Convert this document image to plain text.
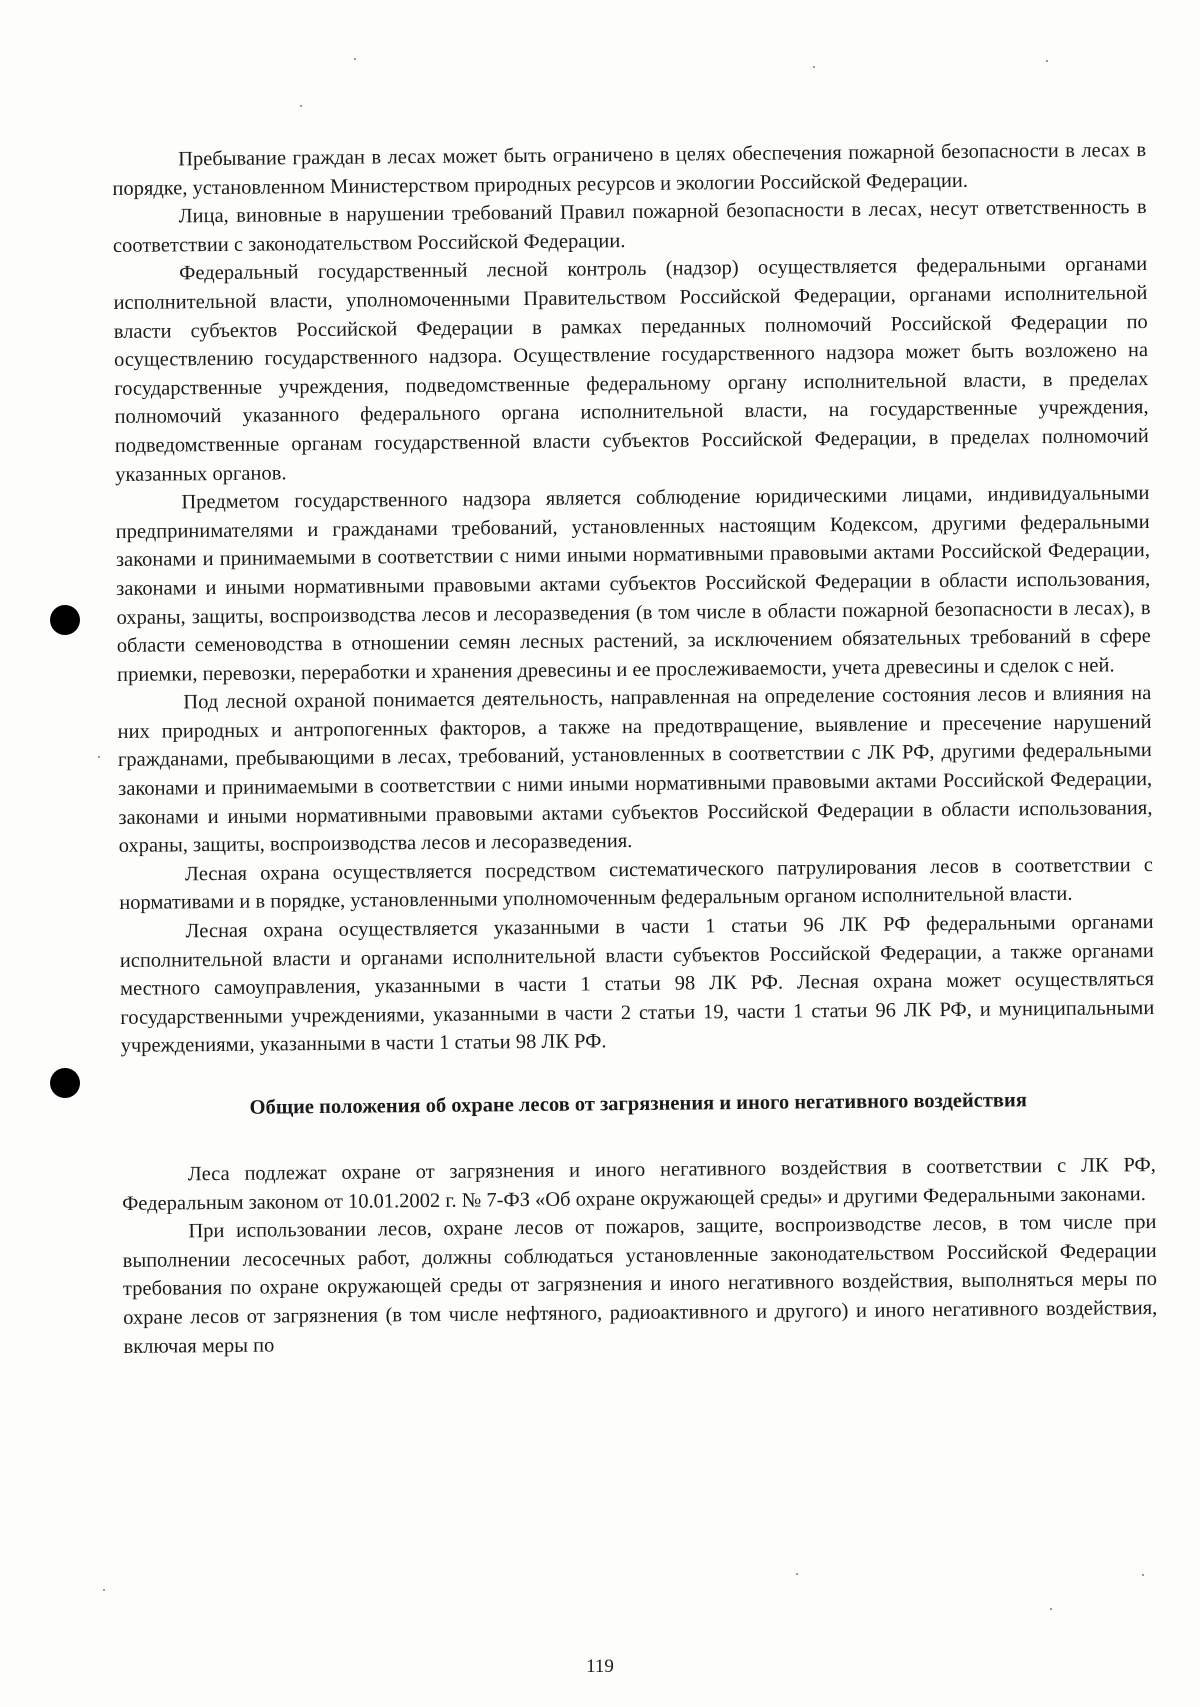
Пребывание граждан в лесах может быть ограничено в целях обеспечения пожарной безопасности в лесах в порядке, установленном Министерством природных ресурсов и экологии Российской Федерации.

Лица, виновные в нарушении требований Правил пожарной безопасности в лесах, несут ответственность в соответствии с законодательством Российской Федерации.

Федеральный государственный лесной контроль (надзор) осуществляется федеральными органами исполнительной власти, уполномоченными Правительством Российской Федерации, органами исполнительной власти субъектов Российской Федерации в рамках переданных полномочий Российской Федерации по осуществлению государственного надзора. Осуществление государственного надзора может быть возложено на государственные учреждения, подведомственные федеральному органу исполнительной власти, в пределах полномочий указанного федерального органа исполнительной власти, на государственные учреждения, подведомственные органам государственной власти субъектов Российской Федерации, в пределах полномочий указанных органов.

Предметом государственного надзора является соблюдение юридическими лицами, индивидуальными предпринимателями и гражданами требований, установленных настоящим Кодексом, другими федеральными законами и принимаемыми в соответствии с ними иными нормативными правовыми актами Российской Федерации, законами и иными нормативными правовыми актами субъектов Российской Федерации в области использования, охраны, защиты, воспроизводства лесов и лесоразведения (в том числе в области пожарной безопасности в лесах), в области семеноводства в отношении семян лесных растений, за исключением обязательных требований в сфере приемки, перевозки, переработки и хранения древесины и ее прослеживаемости, учета древесины и сделок с ней.

Под лесной охраной понимается деятельность, направленная на определение состояния лесов и влияния на них природных и антропогенных факторов, а также на предотвращение, выявление и пресечение нарушений гражданами, пребывающими в лесах, требований, установленных в соответствии с ЛК РФ, другими федеральными законами и принимаемыми в соответствии с ними иными нормативными правовыми актами Российской Федерации, законами и иными нормативными правовыми актами субъектов Российской Федерации в области использования, охраны, защиты, воспроизводства лесов и лесоразведения.

Лесная охрана осуществляется посредством систематического патрулирования лесов в соответствии с нормативами и в порядке, установленными уполномоченным федеральным органом исполнительной власти.

Лесная охрана осуществляется указанными в части 1 статьи 96 ЛК РФ федеральными органами исполнительной власти и органами исполнительной власти субъектов Российской Федерации, а также органами местного самоуправления, указанными в части 1 статьи 98 ЛК РФ. Лесная охрана может осуществляться государственными учреждениями, указанными в части 2 статьи 19, части 1 статьи 96 ЛК РФ, и муниципальными учреждениями, указанными в части 1 статьи 98 ЛК РФ.

Общие положения об охране лесов от загрязнения и иного негативного воздействия

Леса подлежат охране от загрязнения и иного негативного воздействия в соответствии с ЛК РФ, Федеральным законом от 10.01.2002 г. № 7-ФЗ «Об охране окружающей среды» и другими Федеральными законами.

При использовании лесов, охране лесов от пожаров, защите, воспроизводстве лесов, в том числе при выполнении лесосечных работ, должны соблюдаться установленные законодательством Российской Федерации требования по охране окружающей среды от загрязнения и иного негативного воздействия, выполняться меры по охране лесов от загрязнения (в том числе нефтяного, радиоактивного и другого) и иного негативного воздействия, включая меры по

119
